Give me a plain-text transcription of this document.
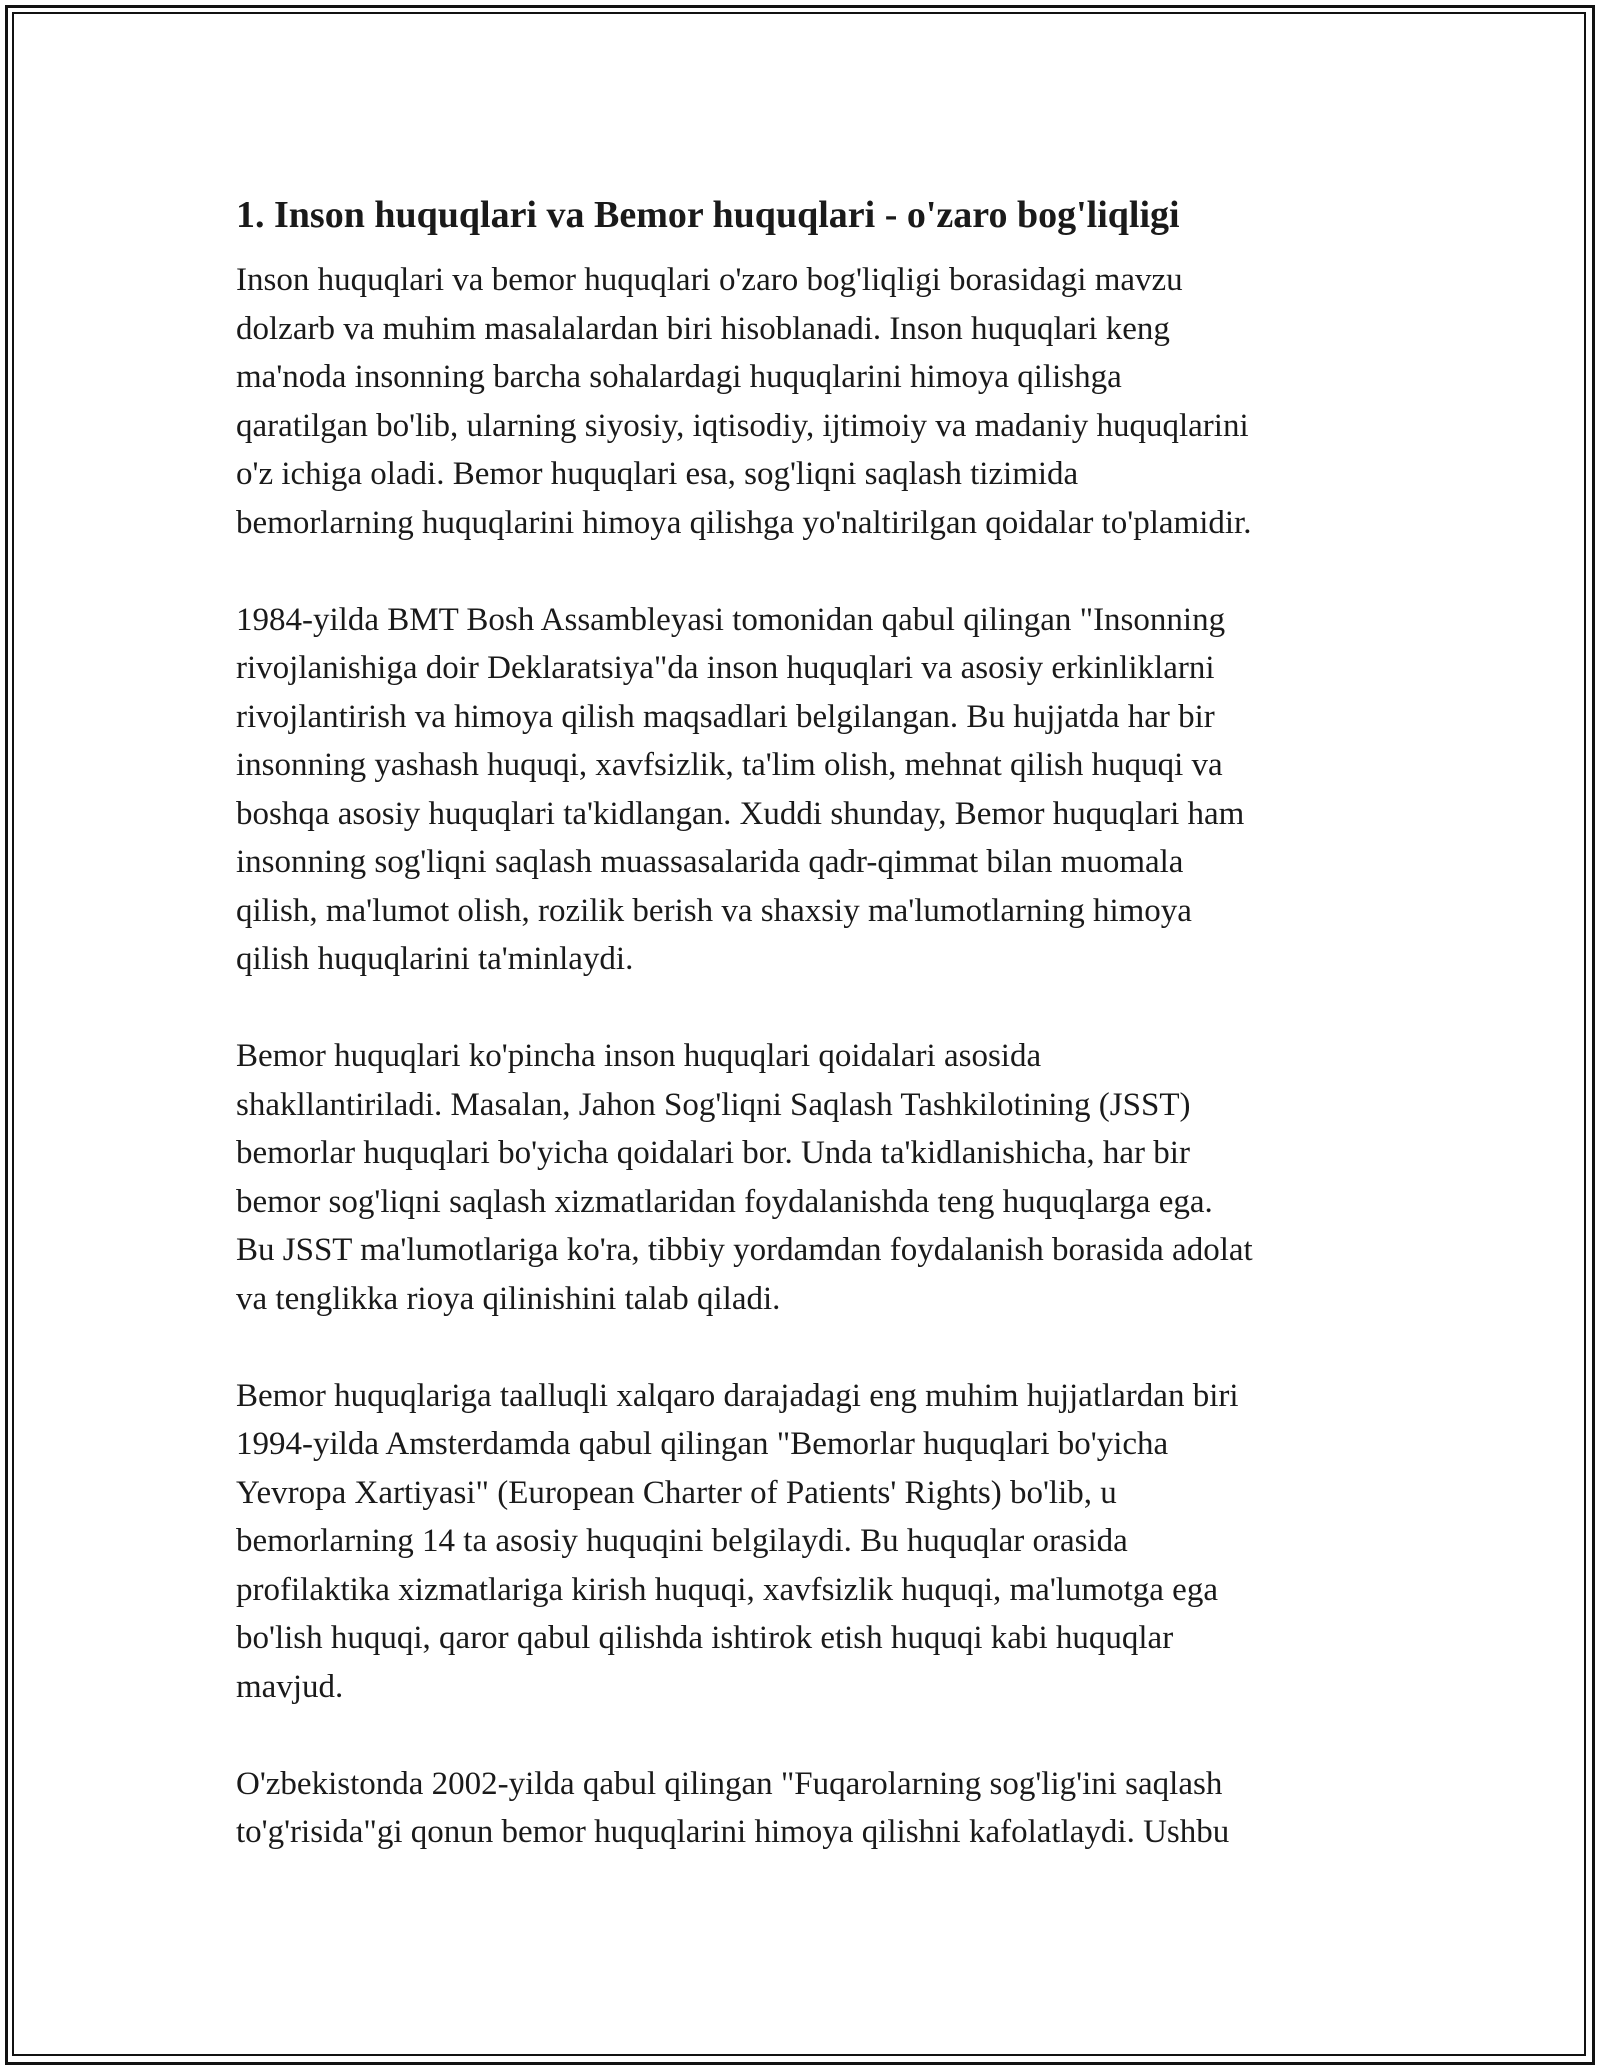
1. Inson huquqlari va Bemor huquqlari - o'zaro bog'liqligi
Inson huquqlari va bemor huquqlari o'zaro bog'liqligi borasidagi mavzu
dolzarb va muhim masalalardan biri hisoblanadi. Inson huquqlari keng
ma'noda insonning barcha sohalardagi huquqlarini himoya qilishga
qaratilgan bo'lib, ularning siyosiy, iqtisodiy, ijtimoiy va madaniy huquqlarini
o'z ichiga oladi. Bemor huquqlari esa, sog'liqni saqlash tizimida
bemorlarning huquqlarini himoya qilishga yo'naltirilgan qoidalar to'plamidir.
1984-yilda BMT Bosh Assambleyasi tomonidan qabul qilingan "Insonning
rivojlanishiga doir Deklaratsiya"da inson huquqlari va asosiy erkinliklarni
rivojlantirish va himoya qilish maqsadlari belgilangan. Bu hujjatda har bir
insonning yashash huquqi, xavfsizlik, ta'lim olish, mehnat qilish huquqi va
boshqa asosiy huquqlari ta'kidlangan. Xuddi shunday, Bemor huquqlari ham
insonning sog'liqni saqlash muassasalarida qadr-qimmat bilan muomala
qilish, ma'lumot olish, rozilik berish va shaxsiy ma'lumotlarning himoya
qilish huquqlarini ta'minlaydi.
Bemor huquqlari ko'pincha inson huquqlari qoidalari asosida
shakllantiriladi. Masalan, Jahon Sog'liqni Saqlash Tashkilotining (JSST)
bemorlar huquqlari bo'yicha qoidalari bor. Unda ta'kidlanishicha, har bir
bemor sog'liqni saqlash xizmatlaridan foydalanishda teng huquqlarga ega.
Bu JSST ma'lumotlariga ko'ra, tibbiy yordamdan foydalanish borasida adolat
va tenglikka rioya qilinishini talab qiladi.
Bemor huquqlariga taalluqli xalqaro darajadagi eng muhim hujjatlardan biri
1994-yilda Amsterdamda qabul qilingan "Bemorlar huquqlari bo'yicha
Yevropa Xartiyasi" (European Charter of Patients' Rights) bo'lib, u
bemorlarning 14 ta asosiy huquqini belgilaydi. Bu huquqlar orasida
profilaktika xizmatlariga kirish huquqi, xavfsizlik huquqi, ma'lumotga ega
bo'lish huquqi, qaror qabul qilishda ishtirok etish huquqi kabi huquqlar
mavjud.
O'zbekistonda 2002-yilda qabul qilingan "Fuqarolarning sog'lig'ini saqlash
to'g'risida"gi qonun bemor huquqlarini himoya qilishni kafolatlaydi. Ushbu
